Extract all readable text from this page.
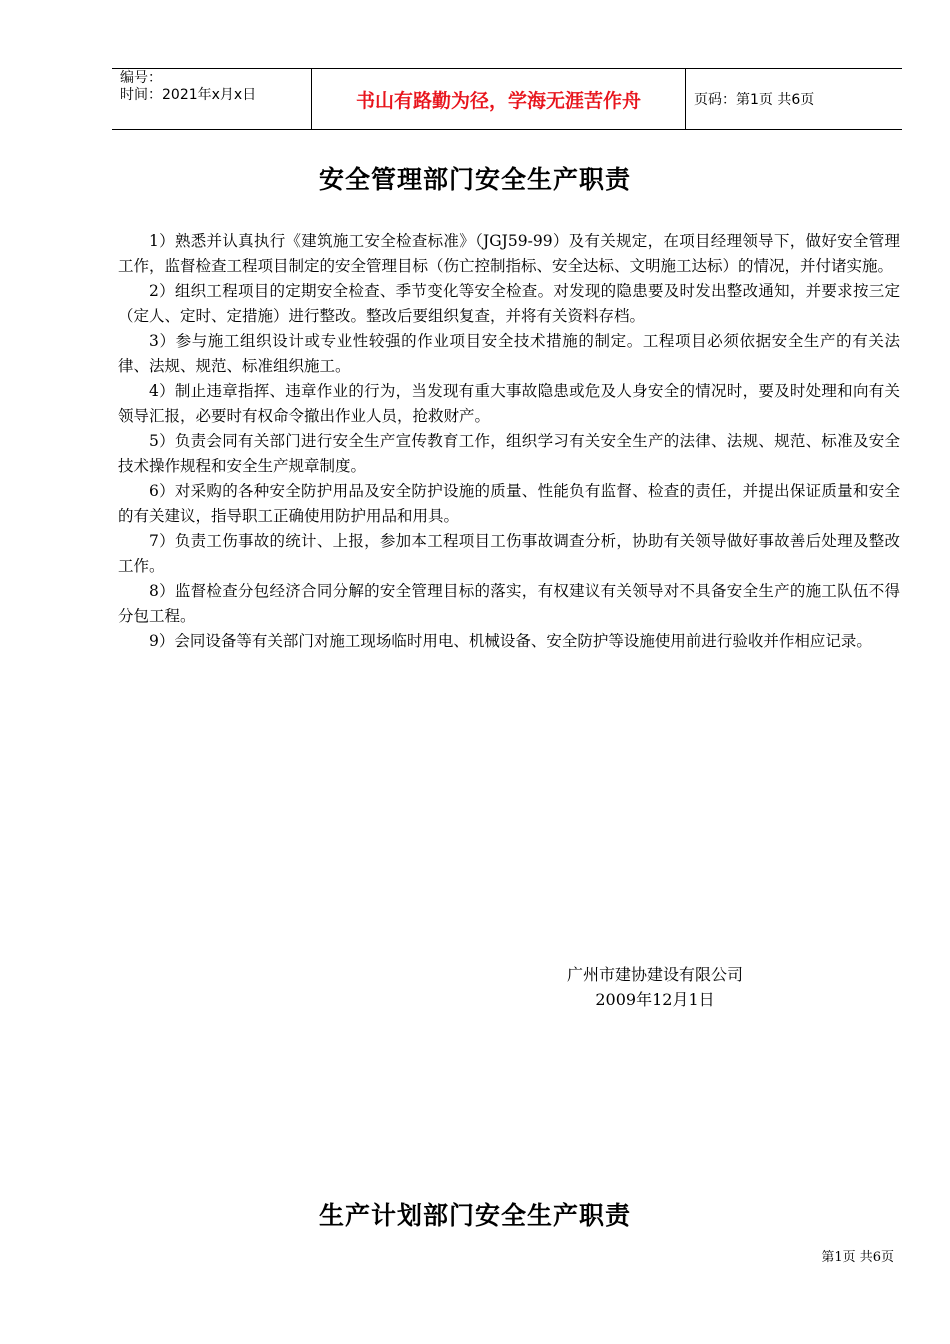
编号：
时间：2021年x月x日	书山有路勤为径，学海无涯苦作舟	页码：第1页 共6页
安全管理部门安全生产职责

1）熟悉并认真执行《建筑施工安全检查标准》（JGJ59-99）及有关规定，在项目经理领导下，做好安全管理工作，监督检查工程项目制定的安全管理目标（伤亡控制指标、安全达标、文明施工达标）的情况，并付诸实施。

2）组织工程项目的定期安全检查、季节变化等安全检查。对发现的隐患要及时发出整改通知，并要求按三定（定人、定时、定措施）进行整改。整改后要组织复查，并将有关资料存档。

3）参与施工组织设计或专业性较强的作业项目安全技术措施的制定。工程项目必须依据安全生产的有关法律、法规、规范、标准组织施工。

4）制止违章指挥、违章作业的行为，当发现有重大事故隐患或危及人身安全的情况时，要及时处理和向有关领导汇报，必要时有权命令撤出作业人员，抢救财产。

5）负责会同有关部门进行安全生产宣传教育工作，组织学习有关安全生产的法律、法规、规范、标准及安全技术操作规程和安全生产规章制度。

6）对采购的各种安全防护用品及安全防护设施的质量、性能负有监督、检查的责任，并提出保证质量和安全的有关建议，指导职工正确使用防护用品和用具。

7）负责工伤事故的统计、上报，参加本工程项目工伤事故调查分析，协助有关领导做好事故善后处理及整改工作。

8）监督检查分包经济合同分解的安全管理目标的落实，有权建议有关领导对不具备安全生产的施工队伍不得分包工程。

9）会同设备等有关部门对施工现场临时用电、机械设备、安全防护等设施使用前进行验收并作相应记录。

广州市建协建设有限公司
2009年12月1日
生产计划部门安全生产职责
第1页 共6页
